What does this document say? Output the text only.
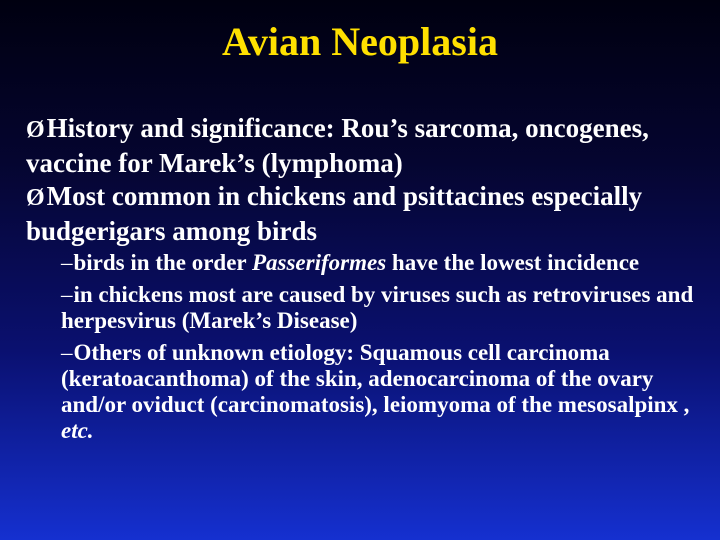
Avian Neoplasia

ØHistory and significance: Rou’s sarcoma, oncogenes, vaccine for Marek’s (lymphoma)

ØMost common in chickens and psittacines especially budgerigars among birds

–birds in the order Passeriformes have the lowest incidence

–in chickens most are caused by viruses such as retroviruses and herpesvirus (Marek’s Disease)

–Others of unknown etiology: Squamous cell carcinoma (keratoacanthoma) of the skin, adenocarcinoma of the ovary and/or oviduct (carcinomatosis), leiomyoma of the mesosalpinx , etc.
